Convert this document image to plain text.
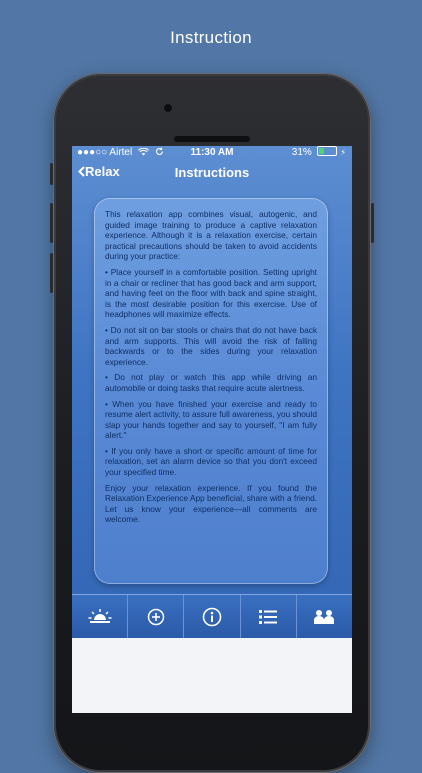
Instruction
●●●○○ Airtel	11:30 AM	31%	⚡
Relax	Instructions

This relaxation app combines visual, autogenic, and guided image training to produce a captive relaxation experience. Although it is a relaxation exercise, certain practical precautions should be taken to avoid accidents during your practice:

• Place yourself in a comfortable position. Setting upright in a chair or recliner that has good back and arm support, and having feet on the floor with back and spine straight, is the most desirable position for this exercise. Use of headphones will maximize effects.

• Do not sit on bar stools or chairs that do not have back and arm supports. This will avoid the risk of falling backwards or to the sides during your relaxation experience.

• Do not play or watch this app while driving an automobile or doing tasks that require acute alertness.

• When you have finished your exercise and ready to resume alert activity, to assure full awareness, you should slap your hands together and say to yourself, "I am fully alert."

• If you only have a short or specific amount of time for relaxation, set an alarm device so that you don't exceed your specified time.

Enjoy your relaxation experience. If you found the Relaxation Experience App beneficial, share with a friend. Let us know your experience—all comments are welcome.
